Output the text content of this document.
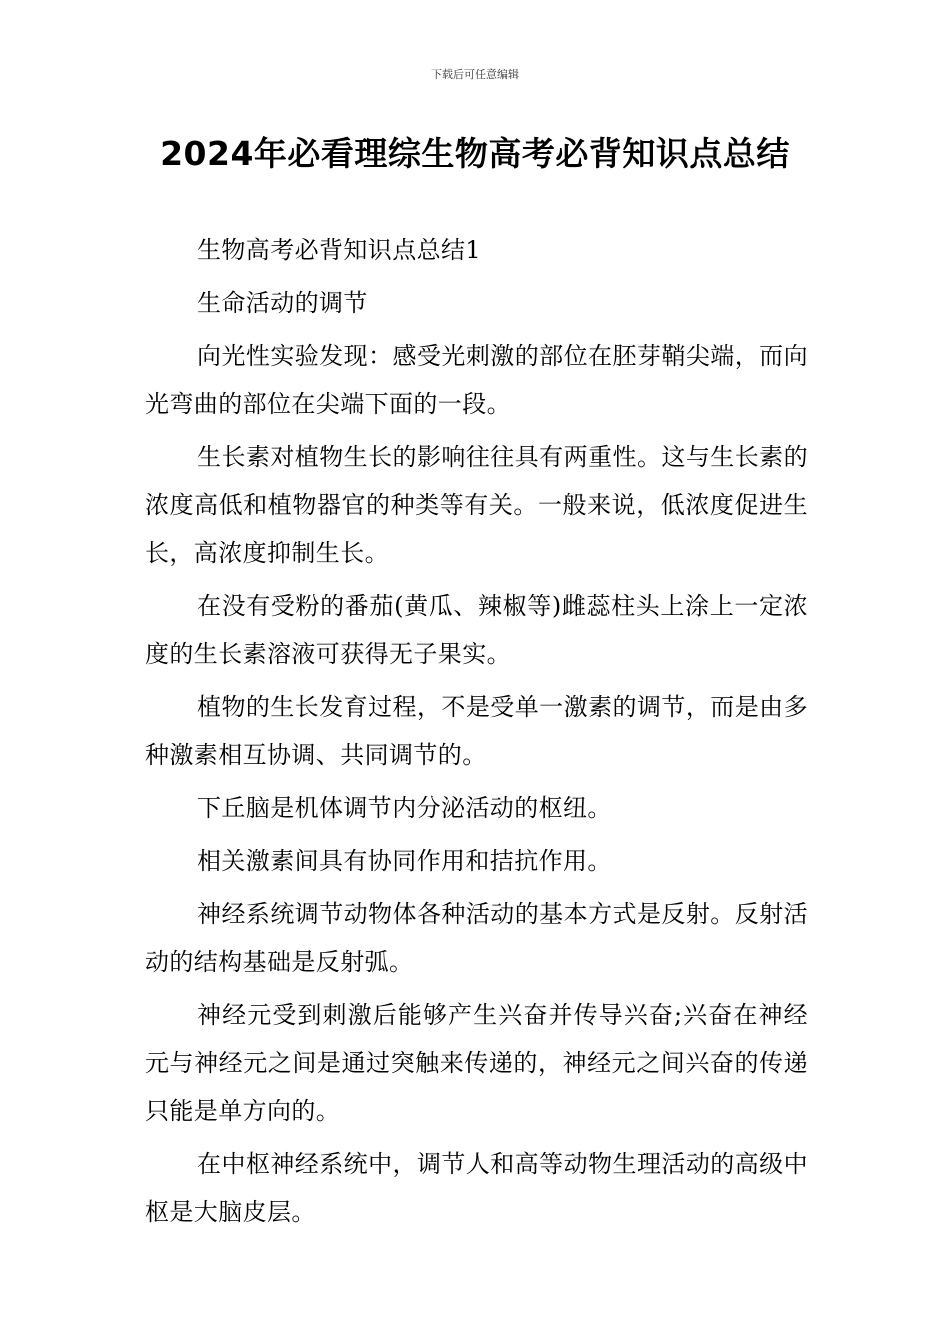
下载后可任意编辑
2024年必看理综生物高考必背知识点总结

生物高考必背知识点总结1

生命活动的调节

向光性实验发现：感受光刺激的部位在胚芽鞘尖端，而向光弯曲的部位在尖端下面的一段。

生长素对植物生长的影响往往具有两重性。这与生长素的浓度高低和植物器官的种类等有关。一般来说，低浓度促进生长，高浓度抑制生长。

在没有受粉的番茄(黄瓜、辣椒等)雌蕊柱头上涂上一定浓度的生长素溶液可获得无子果实。

植物的生长发育过程，不是受单一激素的调节，而是由多种激素相互协调、共同调节的。

下丘脑是机体调节内分泌活动的枢纽。

相关激素间具有协同作用和拮抗作用。

神经系统调节动物体各种活动的基本方式是反射。反射活动的结构基础是反射弧。

神经元受到刺激后能够产生兴奋并传导兴奋;兴奋在神经元与神经元之间是通过突触来传递的，神经元之间兴奋的传递只能是单方向的。

在中枢神经系统中，调节人和高等动物生理活动的高级中枢是大脑皮层。
